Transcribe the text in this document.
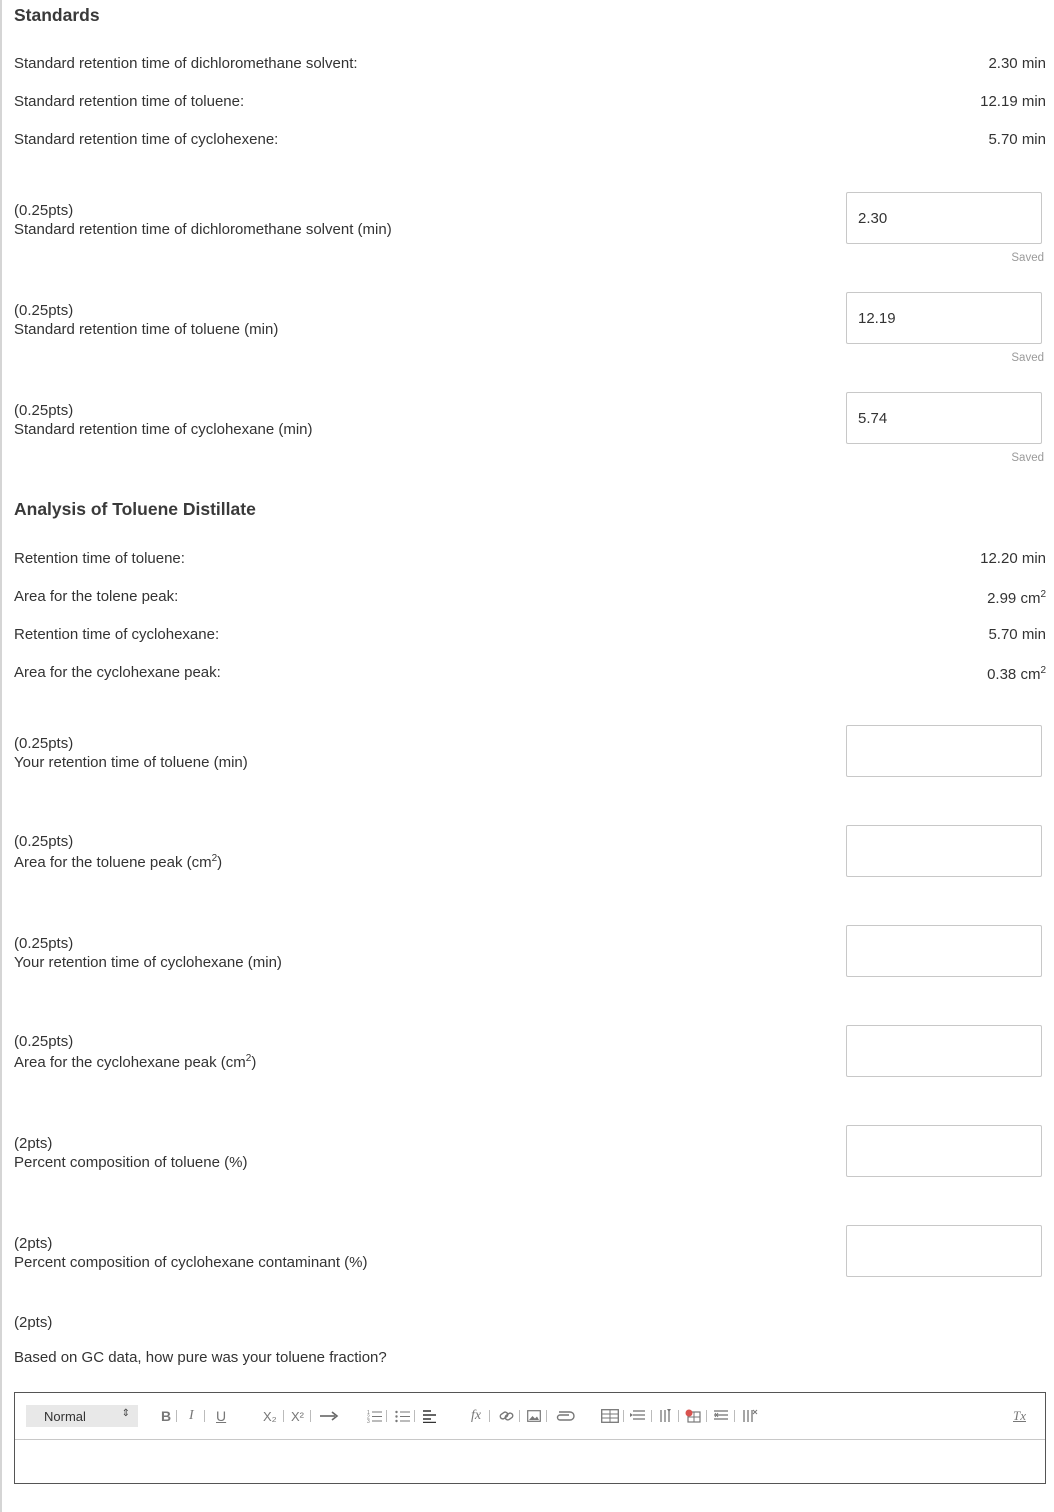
Standards
Standard retention time of dichloromethane solvent:	2.30 min
Standard retention time of toluene:	12.19 min
Standard retention time of cyclohexene:	5.70 min
(0.25pts)
Standard retention time of dichloromethane solvent (min)
2.30
Saved
(0.25pts)
Standard retention time of toluene (min)
12.19
Saved
(0.25pts)
Standard retention time of cyclohexane (min)
5.74
Saved
Analysis of Toluene Distillate
Retention time of toluene:	12.20 min
Area for the tolene peak:	2.99 $cm^2$
Retention time of cyclohexane:	5.70 min
Area for the cyclohexane peak:	0.38 $cm^2$
(0.25pts)
Your retention time of toluene (min)
(0.25pts)
Area for the toluene peak $(cm^2)$
(0.25pts)
Your retention time of cyclohexane (min)
(0.25pts)
Area for the cyclohexane peak $(cm^2)$
(2pts)
Percent composition of toluene (%)
(2pts)
Percent composition of cyclohexane contaminant (%)
(2pts)
Based on GC data, how pure was your toluene fraction?
Normal	⇕ B I U	X₂ X²	1
2
3	fx	Tx
